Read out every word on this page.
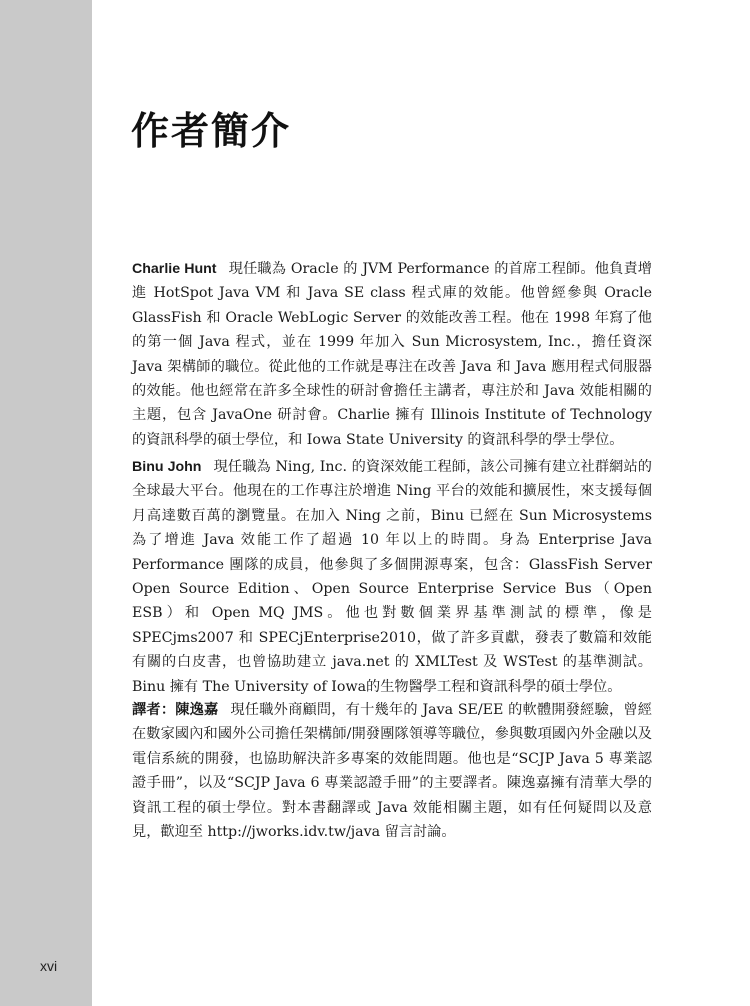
xvi
作者簡介

Charlie Hunt 現任職為 Oracle 的 JVM Performance 的首席工程師。他負責增進 HotSpot Java VM 和 Java SE class 程式庫的效能。他曾經參與 Oracle GlassFish 和 Oracle WebLogic Server 的效能改善工程。他在 1998 年寫了他的第一個 Java 程式，並在 1999 年加入 Sun Microsystem, Inc.，擔任資深 Java 架構師的職位。從此他的工作就是專注在改善 Java 和 Java 應用程式伺服器的效能。他也經常在許多全球性的研討會擔任主講者，專注於和 Java 效能相關的主題，包含 JavaOne 研討會。Charlie 擁有 Illinois Institute of Technology 的資訊科學的碩士學位，和 Iowa State University 的資訊科學的學士學位。

Binu John 現任職為 Ning, Inc. 的資深效能工程師，該公司擁有建立社群網站的全球最大平台。他現在的工作專注於增進 Ning 平台的效能和擴展性，來支援每個月高達數百萬的瀏覽量。在加入 Ning 之前，Binu 已經在 Sun Microsystems 為了增進 Java 效能工作了超過 10 年以上的時間。身為 Enterprise Java Performance 團隊的成員，他參與了多個開源專案，包含：GlassFish Server Open Source Edition、Open Source Enterprise Service Bus（Open ESB）和 Open MQ JMS。他也對數個業界基準測試的標準，像是 SPECjms2007 和 SPECjEnterprise2010，做了許多貢獻，發表了數篇和效能有關的白皮書，也曾協助建立 java.net 的 XMLTest 及 WSTest 的基準測試。Binu 擁有 The University of Iowa的生物醫學工程和資訊科學的碩士學位。

譯者：陳逸嘉 現任職外商顧問，有十幾年的 Java SE/EE 的軟體開發經驗，曾經在數家國內和國外公司擔任架構師/開發團隊領導等職位，參與數項國內外金融以及電信系統的開發，也協助解決許多專案的效能問題。他也是“SCJP Java 5 專業認證手冊”，以及“SCJP Java 6 專業認證手冊”的主要譯者。陳逸嘉擁有清華大學的資訊工程的碩士學位。對本書翻譯或 Java 效能相關主題，如有任何疑問以及意見，歡迎至 http://jworks.idv.tw/java 留言討論。
